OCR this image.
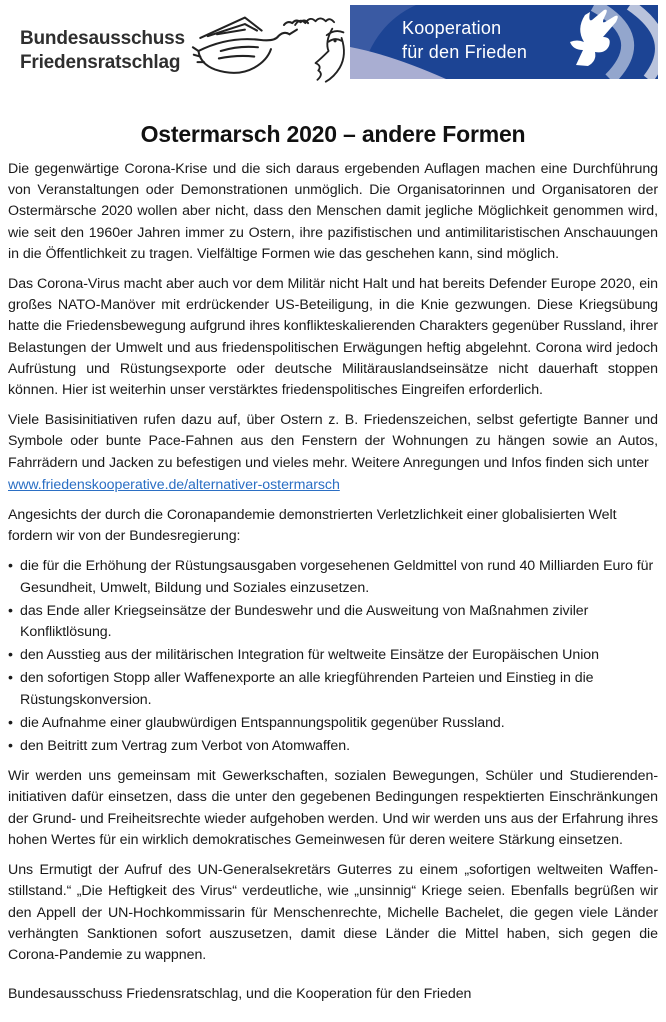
Bundesausschuss
Friedensratschlag
Kooperation
für den Frieden
Ostermarsch 2020 – andere Formen

Die gegenwärtige Corona-Krise und die sich daraus ergebenden Auflagen machen eine Durchführung von Veranstaltungen oder Demonstrationen unmöglich. Die Organisatorinnen und Organisatoren der Ostermärsche 2020 wollen aber nicht, dass den Menschen damit jegliche Möglichkeit genommen wird, wie seit den 1960er Jahren immer zu Ostern, ihre pazifistischen und antimilitaristischen Anschauungen in die Öffentlichkeit zu tragen. Vielfältige Formen wie das geschehen kann, sind möglich.

Das Corona-Virus macht aber auch vor dem Militär nicht Halt und hat bereits Defender Europe 2020, ein großes NATO-Manöver mit erdrückender US-Beteiligung, in die Knie gezwungen. Diese Kriegsübung hatte die Friedensbewegung aufgrund ihres konflikteskalierenden Charakters gegenüber Russland, ihrer Belastungen der Umwelt und aus friedenspolitischen Erwägungen heftig abgelehnt. Corona wird jedoch Aufrüstung und Rüstungsexporte oder deutsche Militärauslandseinsätze nicht dauerhaft stoppen können. Hier ist weiterhin unser verstärktes friedenspolitisches Eingreifen erforderlich.

Viele Basisinitiativen rufen dazu auf, über Ostern z. B. Friedenszeichen, selbst gefertigte Banner und Symbole oder bunte Pace-Fahnen aus den Fenstern der Wohnungen zu hängen sowie an Autos, Fahrrädern und Jacken zu befestigen und vieles mehr. Weitere Anregungen und Infos finden sich unter
www.friedenskooperative.de/alternativer-ostermarsch

Angesichts der durch die Coronapandemie demonstrierten Verletzlichkeit einer globalisierten Welt fordern wir von der Bundesregierung:

• die für die Erhöhung der Rüstungsausgaben vorgesehenen Geldmittel von rund 40 Milliarden Euro für Gesundheit, Umwelt, Bildung und Soziales einzusetzen.
• das Ende aller Kriegseinsätze der Bundeswehr und die Ausweitung von Maßnahmen ziviler Konfliktlösung.
• den Ausstieg aus der militärischen Integration für weltweite Einsätze der Europäischen Union
• den sofortigen Stopp aller Waffenexporte an alle kriegführenden Parteien und Einstieg in die Rüstungskonversion.
• die Aufnahme einer glaubwürdigen Entspannungspolitik gegenüber Russland.
• den Beitritt zum Vertrag zum Verbot von Atomwaffen.

Wir werden uns gemeinsam mit Gewerkschaften, sozialen Bewegungen, Schüler und Studierenden-initiativen dafür einsetzen, dass die unter den gegebenen Bedingungen respektierten Einschränkungen der Grund- und Freiheitsrechte wieder aufgehoben werden. Und wir werden uns aus der Erfahrung ihres hohen Wertes für ein wirklich demokratisches Gemeinwesen für deren weitere Stärkung einsetzen.

Uns Ermutigt der Aufruf des UN-Generalsekretärs Guterres zu einem „sofortigen weltweiten Waffen-stillstand.“ „Die Heftigkeit des Virus“ verdeutliche, wie „unsinnig“ Kriege seien. Ebenfalls begrüßen wir den Appell der UN-Hochkommissarin für Menschenrechte, Michelle Bachelet, die gegen viele Länder verhängten Sanktionen sofort auszusetzen, damit diese Länder die Mittel haben, sich gegen die Corona-Pandemie zu wappnen.

Bundesausschuss Friedensratschlag, und die Kooperation für den Frieden
